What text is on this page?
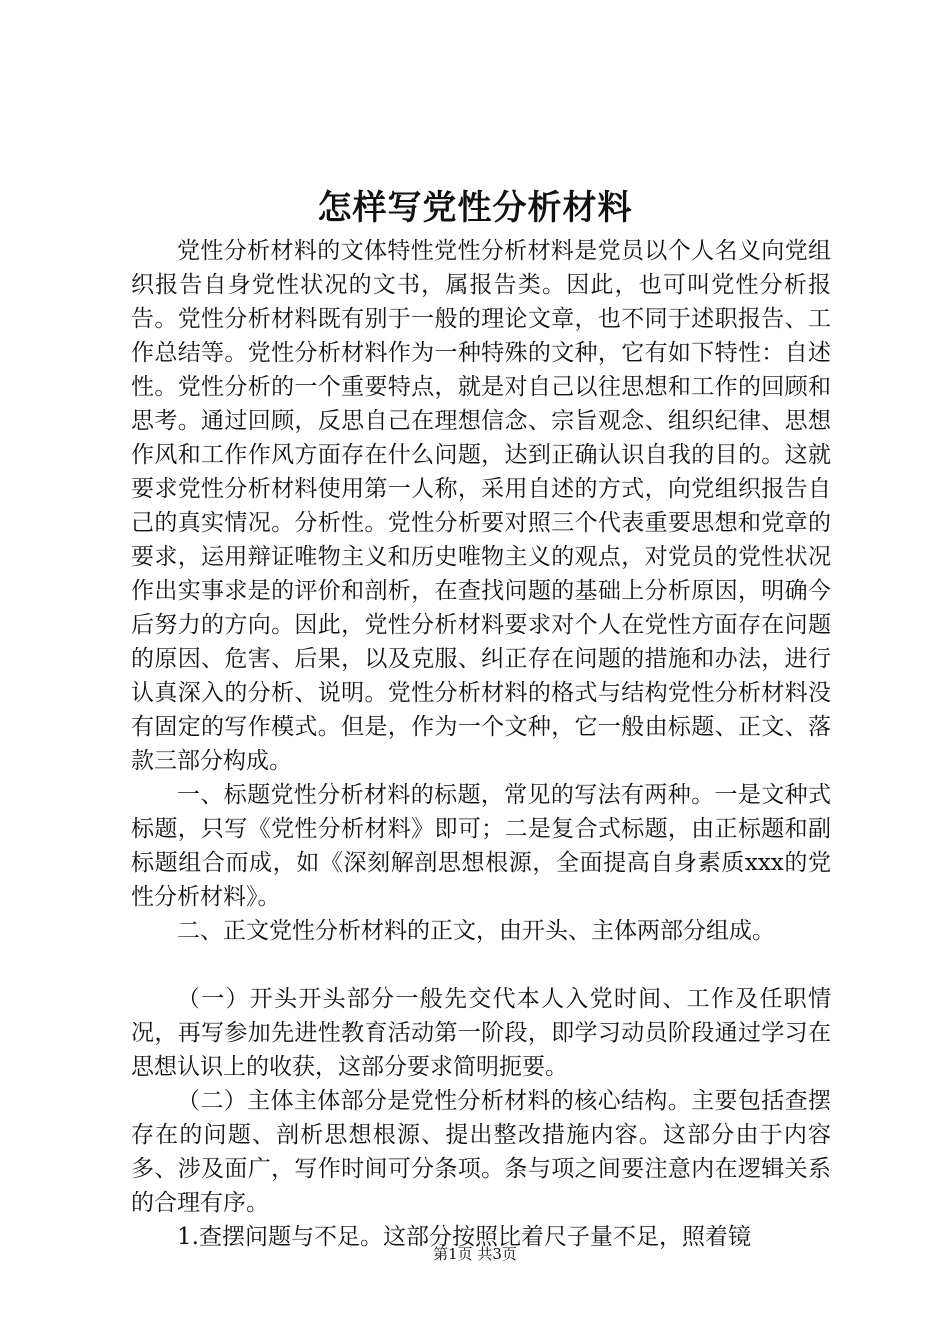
怎样写党性分析材料

党性分析材料的文体特性党性分析材料是党员以个人名义向党组织报告自身党性状况的文书，属报告类。因此，也可叫党性分析报告。党性分析材料既有别于一般的理论文章，也不同于述职报告、工作总结等。党性分析材料作为一种特殊的文种，它有如下特性：自述性。党性分析的一个重要特点，就是对自己以往思想和工作的回顾和思考。通过回顾，反思自己在理想信念、宗旨观念、组织纪律、思想作风和工作作风方面存在什么问题，达到正确认识自我的目的。这就要求党性分析材料使用第一人称，采用自述的方式，向党组织报告自己的真实情况。分析性。党性分析要对照三个代表重要思想和党章的要求，运用辩证唯物主义和历史唯物主义的观点，对党员的党性状况作出实事求是的评价和剖析，在查找问题的基础上分析原因，明确今后努力的方向。因此，党性分析材料要求对个人在党性方面存在问题的原因、危害、后果，以及克服、纠正存在问题的措施和办法，进行认真深入的分析、说明。党性分析材料的格式与结构党性分析材料没有固定的写作模式。但是，作为一个文种，它一般由标题、正文、落款三部分构成。

一、标题党性分析材料的标题，常见的写法有两种。一是文种式标题，只写《党性分析材料》即可；二是复合式标题，由正标题和副标题组合而成，如《深刻解剖思想根源，全面提高自身素质xxx的党性分析材料》。

二、正文党性分析材料的正文，由开头、主体两部分组成。

（一）开头开头部分一般先交代本人入党时间、工作及任职情况，再写参加先进性教育活动第一阶段，即学习动员阶段通过学习在思想认识上的收获，这部分要求简明扼要。

（二）主体主体部分是党性分析材料的核心结构。主要包括查摆存在的问题、剖析思想根源、提出整改措施内容。这部分由于内容多、涉及面广，写作时间可分条项。条与项之间要注意内在逻辑关系的合理有序。

1.查摆问题与不足。这部分按照比着尺子量不足，照着镜

第1页 共3页
